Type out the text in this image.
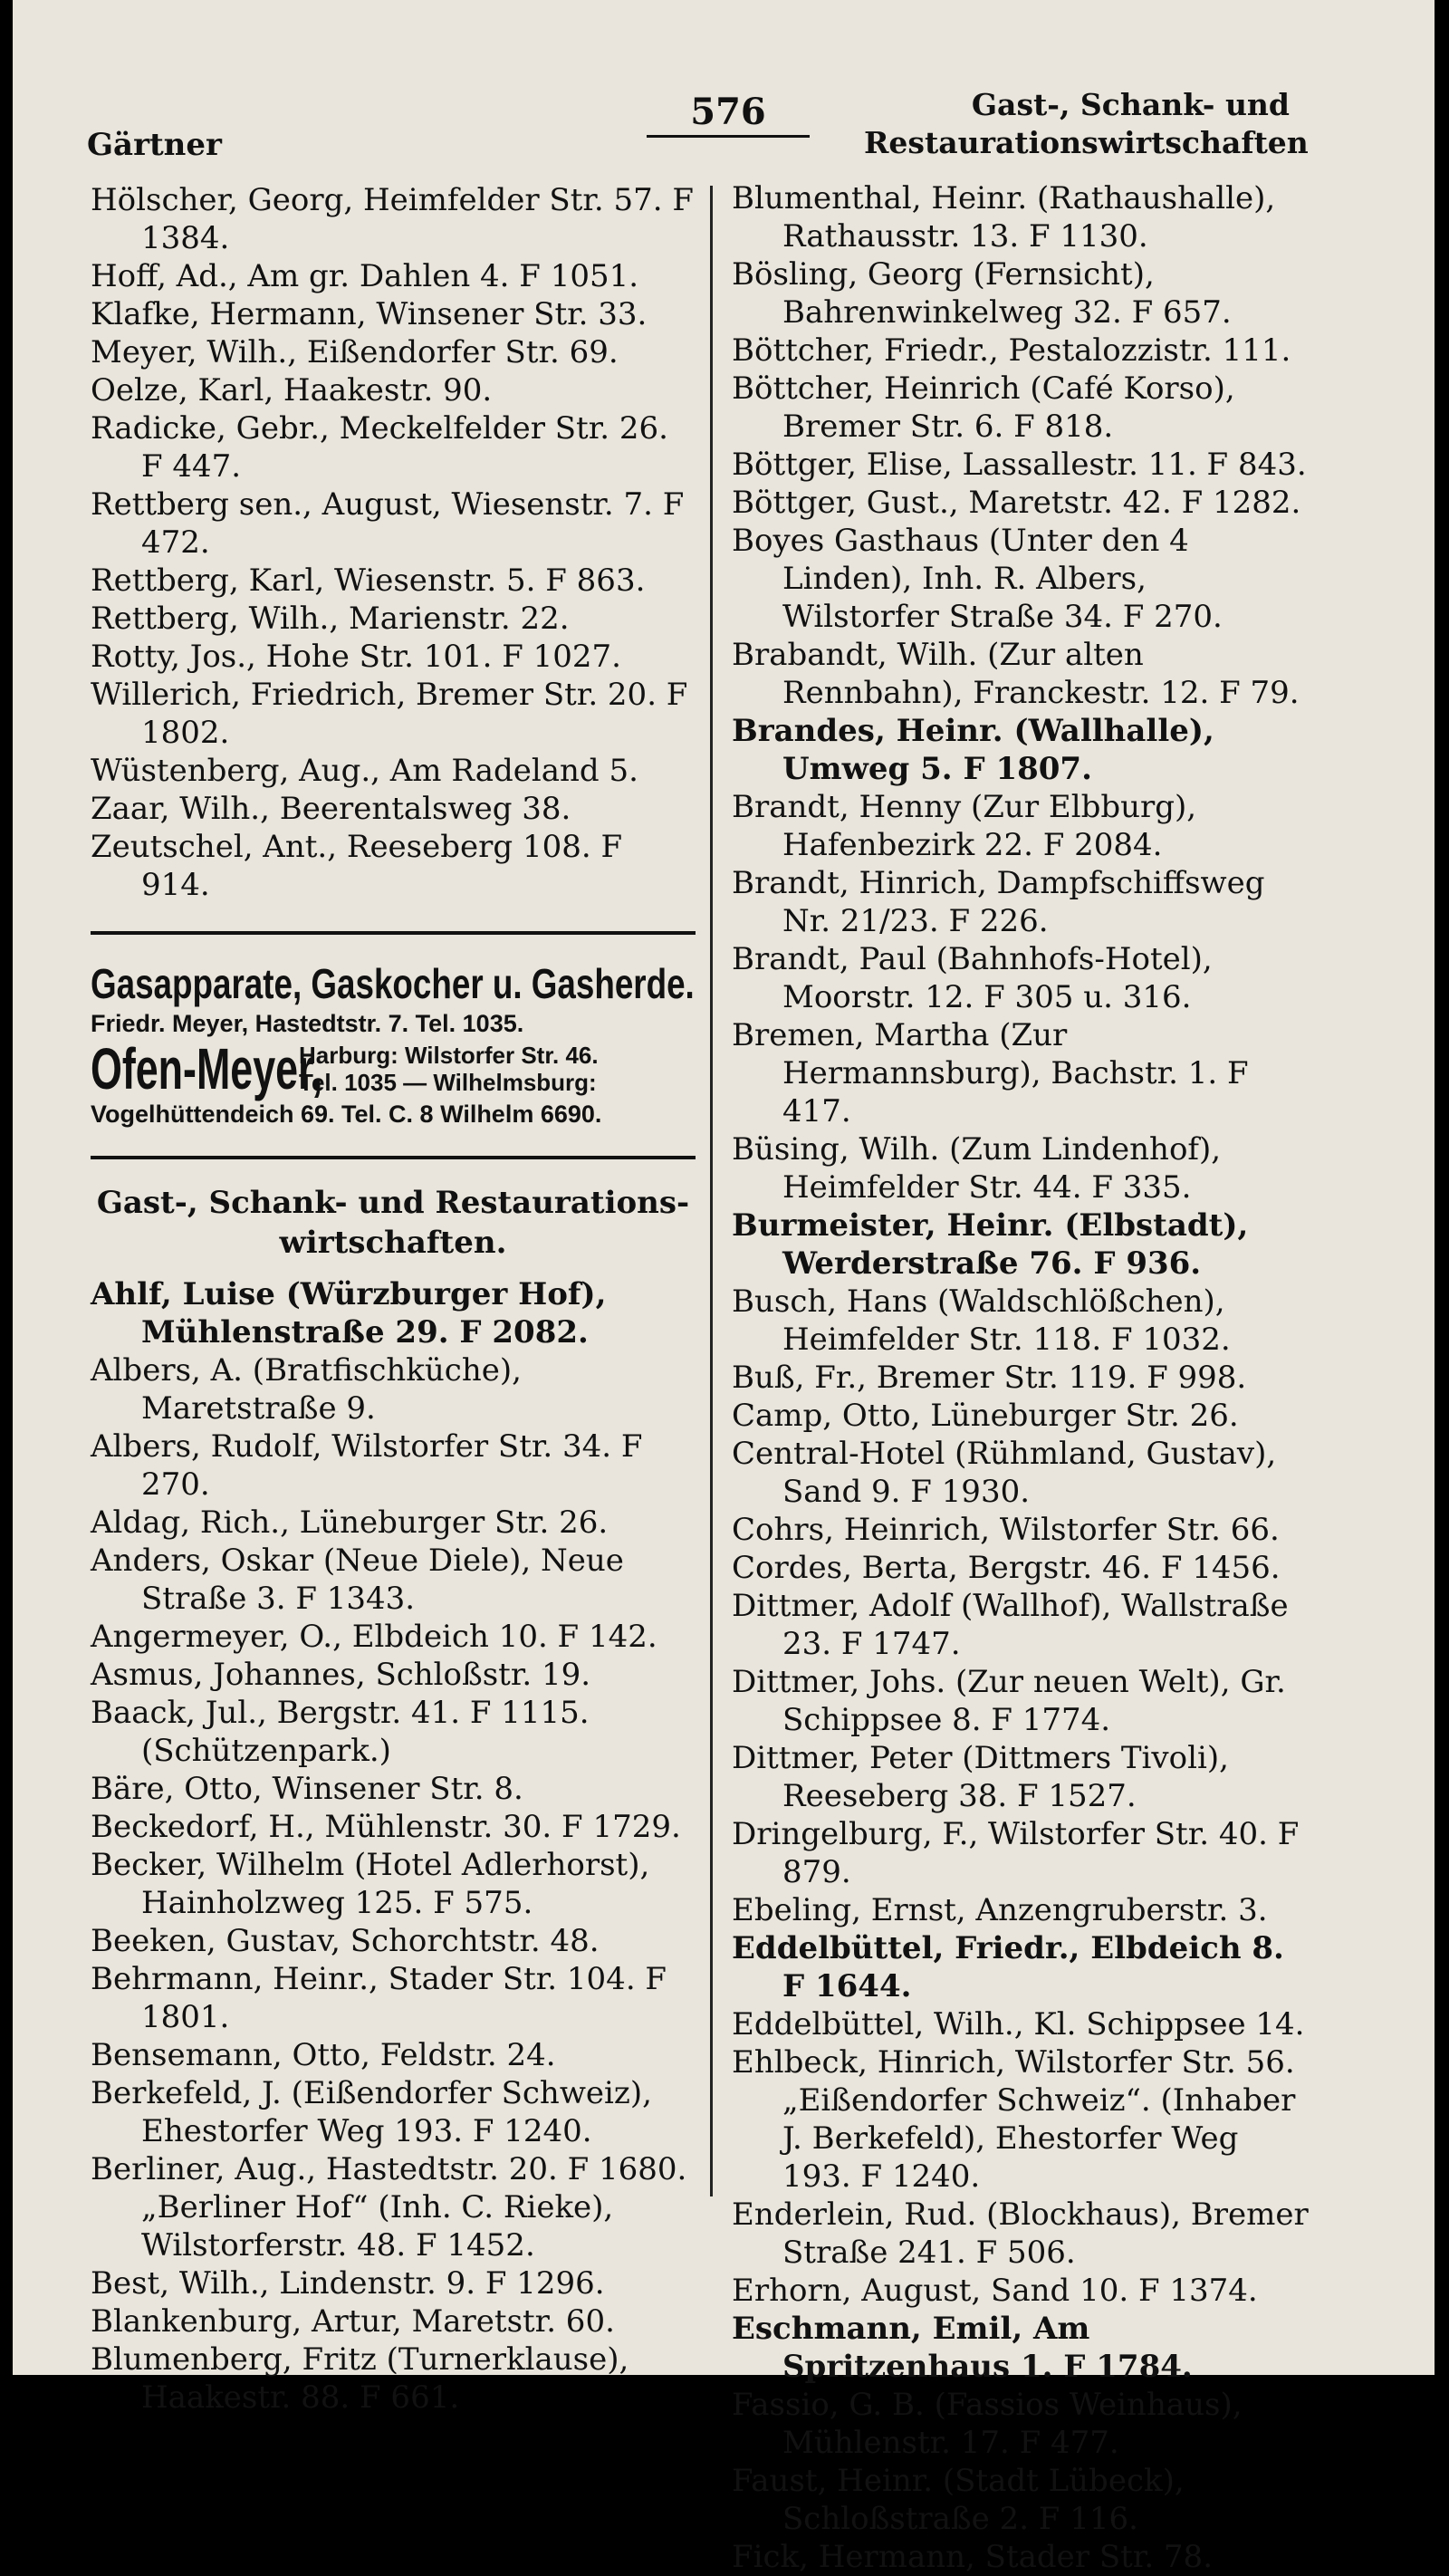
576
Gärtner
Gast-, Schank- und
Restaurationswirtschaften
Hölscher, Georg, Heimfelder Str. 57. F 1384.
Hoff, Ad., Am gr. Dahlen 4. F 1051.
Klafke, Hermann, Winsener Str. 33.
Meyer, Wilh., Eißendorfer Str. 69.
Oelze, Karl, Haakestr. 90.
Radicke, Gebr., Meckelfelder Str. 26. F 447.
Rettberg sen., August, Wiesenstr. 7. F 472.
Rettberg, Karl, Wiesenstr. 5. F 863.
Rettberg, Wilh., Marienstr. 22.
Rotty, Jos., Hohe Str. 101. F 1027.
Willerich, Friedrich, Bremer Str. 20. F 1802.
Wüstenberg, Aug., Am Radeland 5.
Zaar, Wilh., Beerentalsweg 38.
Zeutschel, Ant., Reeseberg 108. F 914.
Gasapparate, Gaskocher u. Gasherde.
Friedr. Meyer, Hastedtstr. 7. Tel. 1035.
Ofen-Meyer,
Harburg: Wilstorfer Str. 46.
Tel. 1035 — Wilhelmsburg:
Vogelhüttendeich 69. Tel. C. 8 Wilhelm 6690.
Gast-, Schank- und Restaurations-
wirtschaften.
Ahlf, Luise (Würzburger Hof), Mühlenstraße 29. F 2082.
Albers, A. (Bratfischküche), Maretstraße 9.
Albers, Rudolf, Wilstorfer Str. 34. F 270.
Aldag, Rich., Lüneburger Str. 26.
Anders, Oskar (Neue Diele), Neue Straße 3. F 1343.
Angermeyer, O., Elbdeich 10. F 142.
Asmus, Johannes, Schloßstr. 19.
Baack, Jul., Bergstr. 41. F 1115. (Schützenpark.)
Bäre, Otto, Winsener Str. 8.
Beckedorf, H., Mühlenstr. 30. F 1729.
Becker, Wilhelm (Hotel Adlerhorst), Hainholzweg 125. F 575.
Beeken, Gustav, Schorchtstr. 48.
Behrmann, Heinr., Stader Str. 104. F 1801.
Bensemann, Otto, Feldstr. 24.
Berkefeld, J. (Eißendorfer Schweiz), Ehestorfer Weg 193. F 1240.
Berliner, Aug., Hastedtstr. 20. F 1680. „Berliner Hof“ (Inh. C. Rieke), Wilstorferstr. 48. F 1452.
Best, Wilh., Lindenstr. 9. F 1296.
Blankenburg, Artur, Maretstr. 60.
Blumenberg, Fritz (Turnerklause), Haakestr. 88. F 661.
Blumenthal, Heinr. (Rathaushalle), Rathausstr. 13. F 1130.
Bösling, Georg (Fernsicht), Bahrenwinkelweg 32. F 657.
Böttcher, Friedr., Pestalozzistr. 111.
Böttcher, Heinrich (Café Korso), Bremer Str. 6. F 818.
Böttger, Elise, Lassallestr. 11. F 843.
Böttger, Gust., Maretstr. 42. F 1282.
Boyes Gasthaus (Unter den 4 Linden), Inh. R. Albers, Wilstorfer Straße 34. F 270.
Brabandt, Wilh. (Zur alten Rennbahn), Franckestr. 12. F 79.
Brandes, Heinr. (Wallhalle), Umweg 5. F 1807.
Brandt, Henny (Zur Elbburg), Hafenbezirk 22. F 2084.
Brandt, Hinrich, Dampfschiffsweg Nr. 21/23. F 226.
Brandt, Paul (Bahnhofs-Hotel), Moorstr. 12. F 305 u. 316.
Bremen, Martha (Zur Hermannsburg), Bachstr. 1. F 417.
Büsing, Wilh. (Zum Lindenhof), Heimfelder Str. 44. F 335.
Burmeister, Heinr. (Elbstadt), Werderstraße 76. F 936.
Busch, Hans (Waldschlößchen), Heimfelder Str. 118. F 1032.
Buß, Fr., Bremer Str. 119. F 998.
Camp, Otto, Lüneburger Str. 26.
Central-Hotel (Rühmland, Gustav), Sand 9. F 1930.
Cohrs, Heinrich, Wilstorfer Str. 66.
Cordes, Berta, Bergstr. 46. F 1456.
Dittmer, Adolf (Wallhof), Wallstraße 23. F 1747.
Dittmer, Johs. (Zur neuen Welt), Gr. Schippsee 8. F 1774.
Dittmer, Peter (Dittmers Tivoli), Reeseberg 38. F 1527.
Dringelburg, F., Wilstorfer Str. 40. F 879.
Ebeling, Ernst, Anzengruberstr. 3.
Eddelbüttel, Friedr., Elbdeich 8. F 1644.
Eddelbüttel, Wilh., Kl. Schippsee 14.
Ehlbeck, Hinrich, Wilstorfer Str. 56. „Eißendorfer Schweiz“. (Inhaber J. Berkefeld), Ehestorfer Weg 193. F 1240.
Enderlein, Rud. (Blockhaus), Bremer Straße 241. F 506.
Erhorn, August, Sand 10. F 1374.
Eschmann, Emil, Am Spritzenhaus 1. F 1784.
Fassio, G. B. (Fassios Weinhaus), Mühlenstr. 17. F 477.
Faust, Heinr. (Stadt Lübeck), Schloßstraße 2. F 116.
Fick, Hermann, Stader Str. 78.
